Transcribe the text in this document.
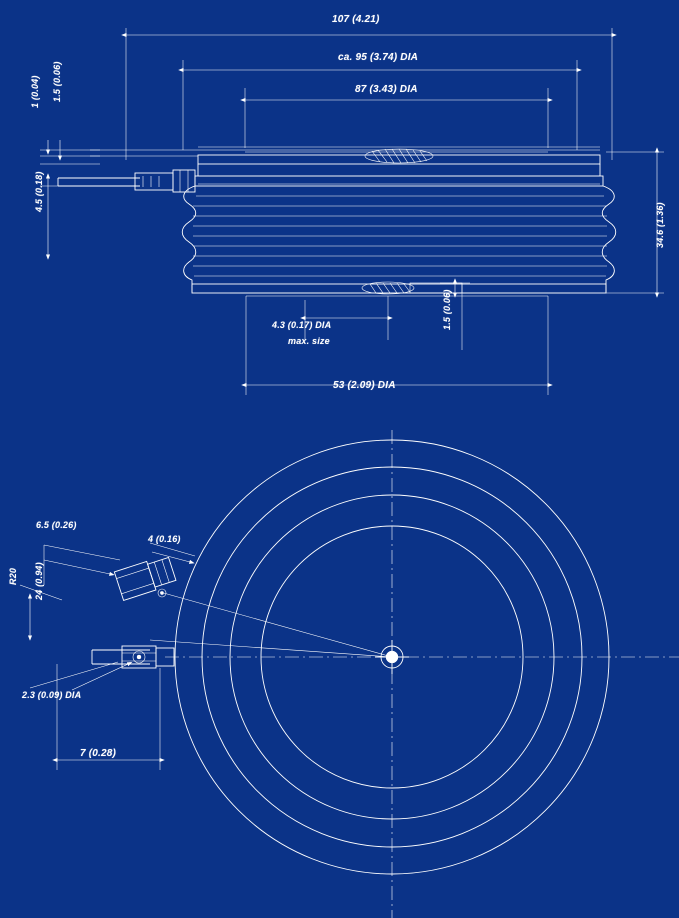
107 (4.21)
ca. 95 (3.74) DIA
87 (3.43) DIA
1 (0.04) 1.5 (0.06)
4.5 (0.18)
34.6 (1.36)
4.3 (0.17) DIA
max. size
1.5 (0.06)
53 (2.09) DIA
6.5 (0.26)
4 (0.16)
24 (0.94)
R20
2.3 (0.09) DIA
7 (0.28)
